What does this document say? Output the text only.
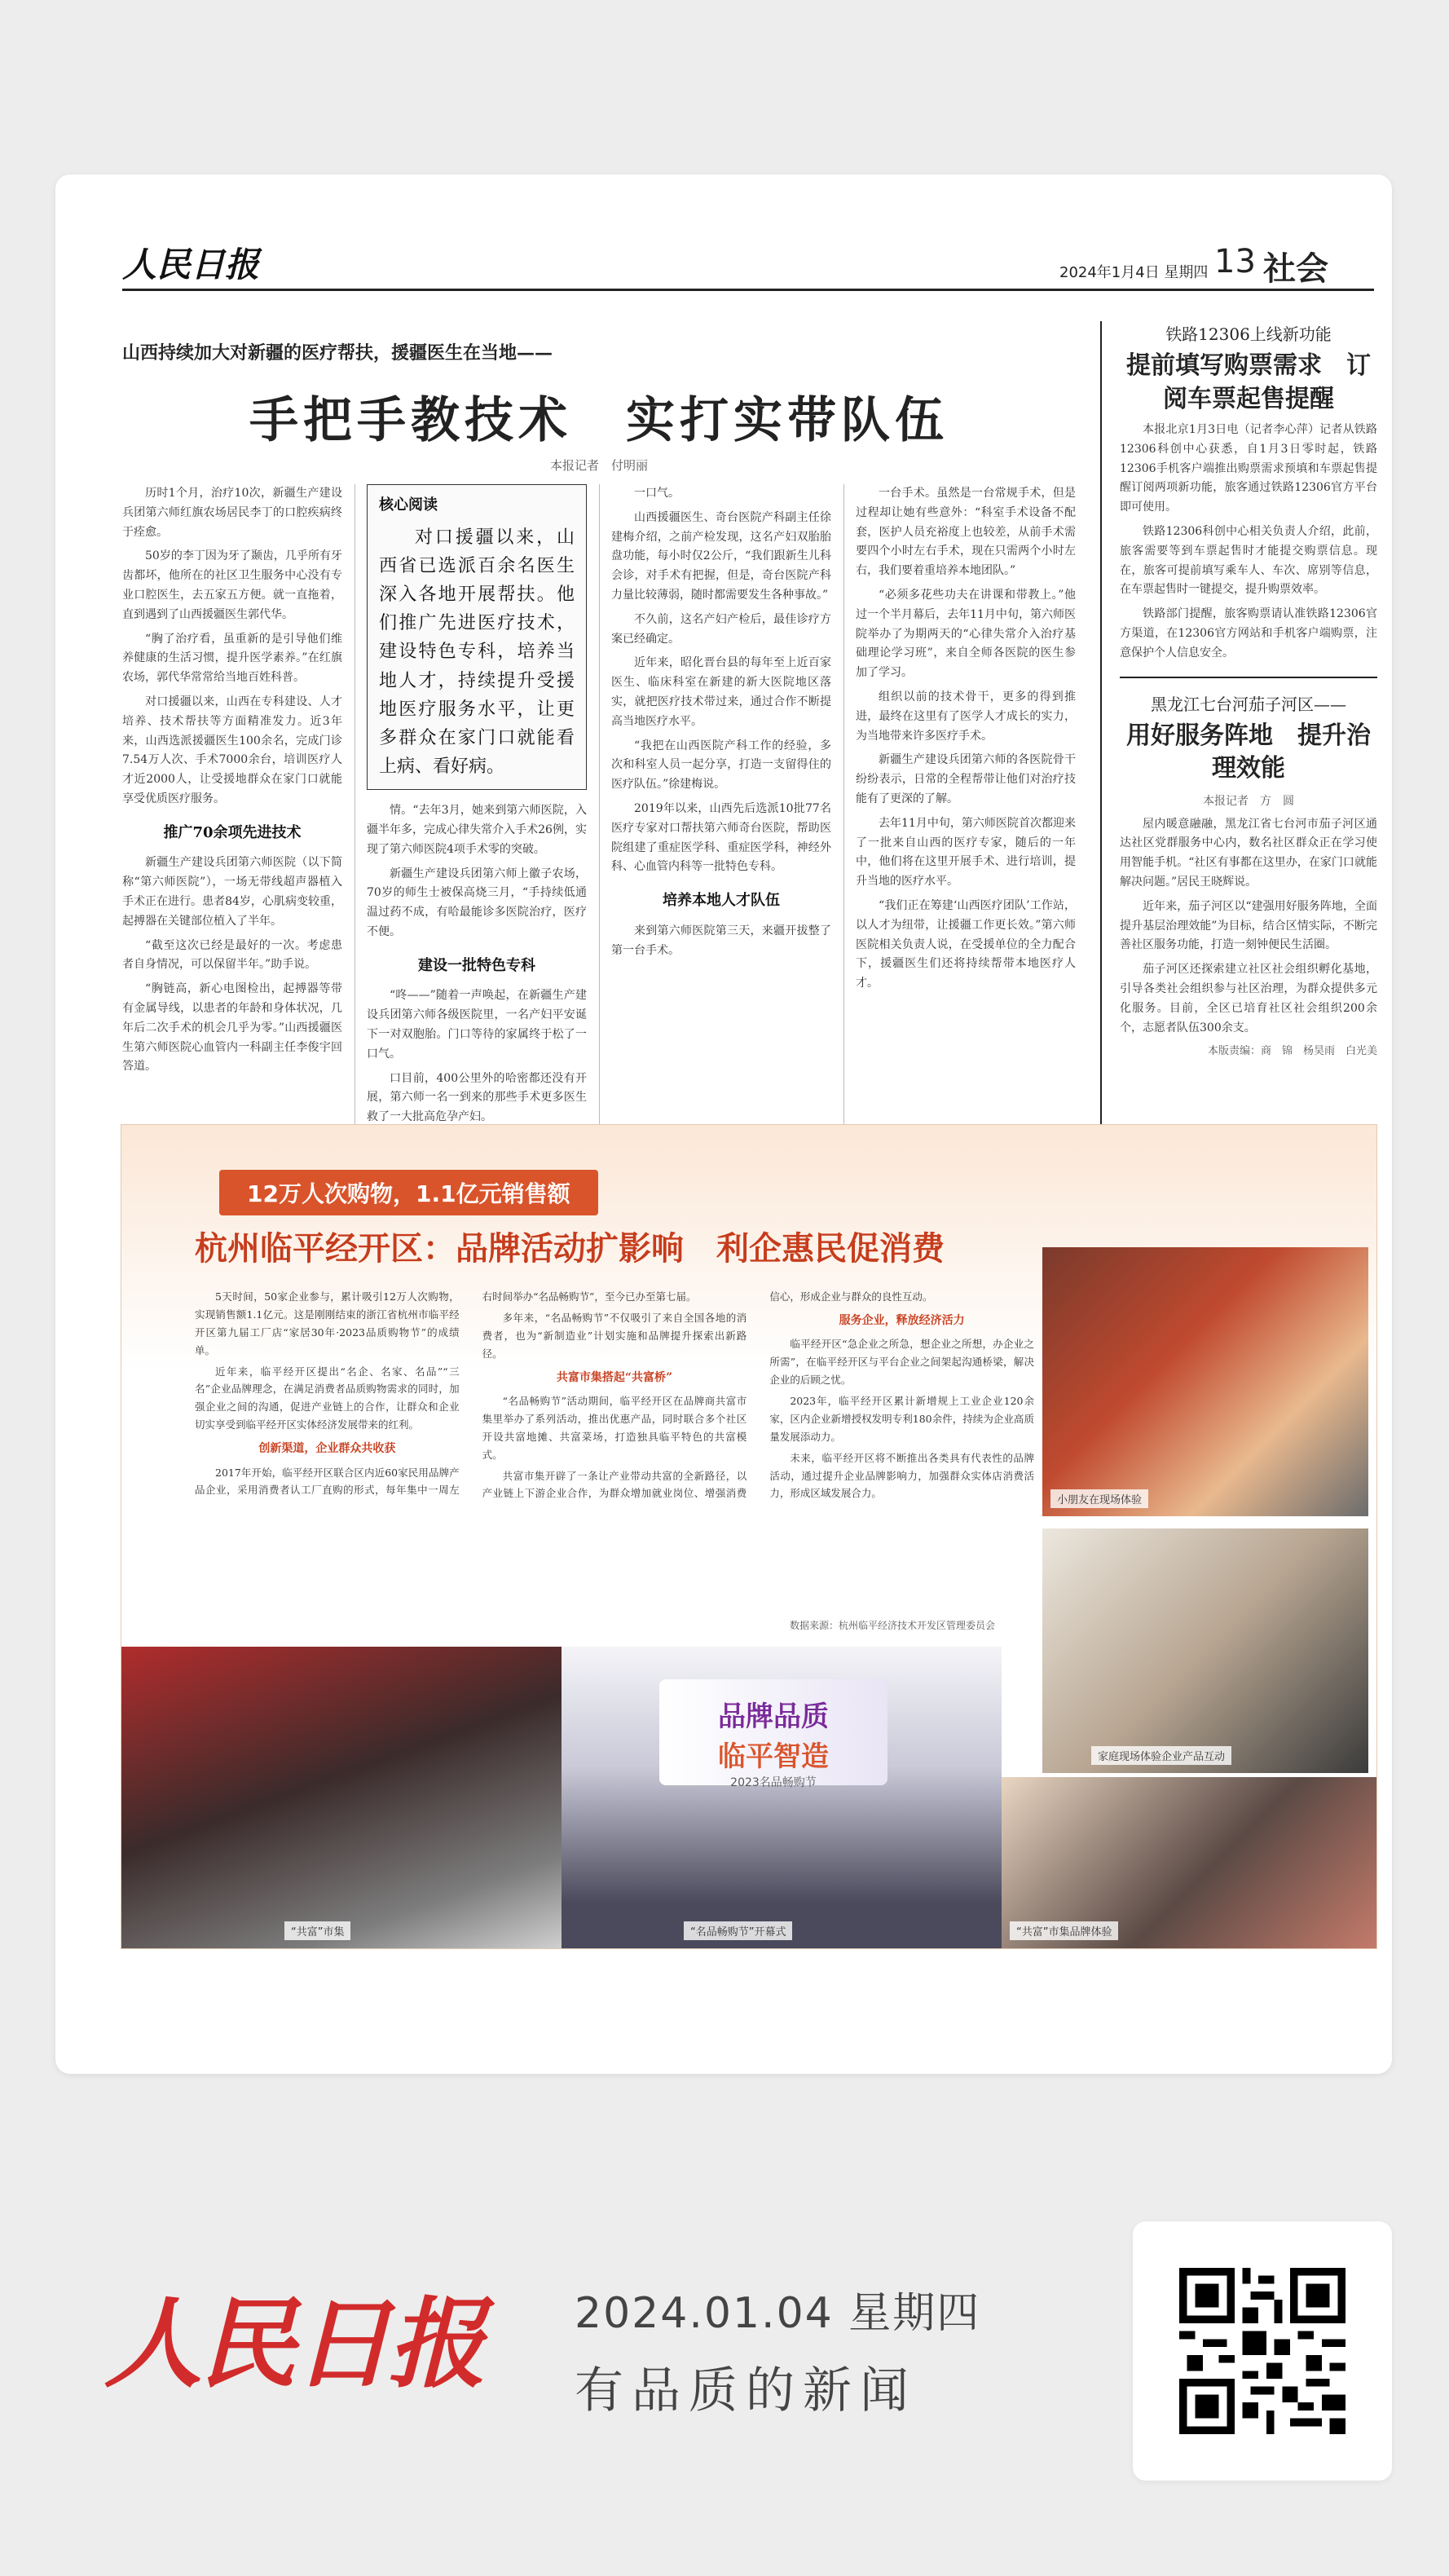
人民日报	2024年1月4日 星期四 13 社会
山西持续加大对新疆的医疗帮扶，援疆医生在当地——
手把手教技术　实打实带队伍
本报记者　付明丽

历时1个月，治疗10次，新疆生产建设兵团第六师红旗农场居民李丁的口腔疾病终于痊愈。

50岁的李丁因为牙了颞齿，几乎所有牙齿都坏，他所在的社区卫生服务中心没有专业口腔医生，去五家五方便。就一直拖着，直到遇到了山西援疆医生郭代华。

“胸了治疗看，虽重新的是引导他们维养健康的生活习惯，提升医学素养。”在红旗农场，郭代华常常给当地百姓科普。

对口援疆以来，山西在专科建设、人才培养、技术帮扶等方面精准发力。近3年来，山西选派援疆医生100余名，完成门诊7.54万人次、手术7000余台，培训医疗人才近2000人，让受援地群众在家门口就能享受优质医疗服务。

推广70余项先进技术

新疆生产建设兵团第六师医院（以下简称“第六师医院”），一场无带线超声器植入手术正在进行。患者84岁，心肌病变较重，起搏器在关键部位植入了半年。

“截至这次已经是最好的一次。考虑患者自身情况，可以保留半年。”助手说。

“胸链高，新心电图检出，起搏器等带有金属导线，以患者的年龄和身体状况，几年后二次手术的机会几乎为零。”山西援疆医生第六师医院心血管内一科副主任李俊宇回答道。

核心阅读
对口援疆以来，山西省已选派百余名医生深入各地开展帮扶。他们推广先进医疗技术，建设特色专科，培养当地人才，持续提升受援地医疗服务水平，让更多群众在家门口就能看上病、看好病。

情。“去年3月，她来到第六师医院，入疆半年多，完成心律失常介入手术26例，实现了第六师医院4项手术零的突破。

新疆生产建设兵团第六师上徽子农场，70岁的师生士被保高烧三月，“手持续低通温过药不成，有哈最能诊多医院治疗，医疗不便。

建设一批特色专科

“咚——”随着一声唤起，在新疆生产建设兵团第六师各级医院里，一名产妇平安诞下一对双胞胎。门口等待的家属终于松了一口气。

口目前，400公里外的哈密都还没有开展，第六师一名一到来的那些手术更多医生救了一大批高危孕产妇。

一口气。

山西援疆医生、奇台医院产科副主任徐建梅介绍，之前产检发现，这名产妇双胎胎盘功能，每小时仅2公斤，“我们跟新生儿科会诊，对手术有把握，但是，奇台医院产科力量比较薄弱，随时都需要发生各种事故。”

不久前，这名产妇产检后，最佳诊疗方案已经确定。

近年来，昭化晋台县的每年至上近百家医生、临床科室在新建的新大医院地区落实，就把医疗技术带过来，通过合作不断提高当地医疗水平。

“我把在山西医院产科工作的经验，多次和科室人员一起分享，打造一支留得住的医疗队伍。”徐建梅说。

2019年以来，山西先后选派10批77名医疗专家对口帮扶第六师奇台医院，帮助医院组建了重症医学科、重症医学科，神经外科、心血管内科等一批特色专科。

培养本地人才队伍

来到第六师医院第三天，来疆开拔整了第一台手术。

一台手术。虽然是一台常规手术，但是过程却让她有些意外：“科室手术设备不配套，医护人员充裕度上也较差，从前手术需要四个小时左右手术，现在只需两个小时左右，我们要着重培养本地团队。”

“必须多花些功夫在讲课和带教上。”他过一个半月幕后，去年11月中旬，第六师医院举办了为期两天的“心律失常介入治疗基础理论学习班”，来自全师各医院的医生参加了学习。

组织以前的技术骨干，更多的得到推进，最终在这里有了医学人才成长的实力，为当地带来许多医疗手术。

新疆生产建设兵团第六师的各医院骨干纷纷表示，日常的全程帮带让他们对治疗技能有了更深的了解。

去年11月中旬，第六师医院首次都迎来了一批来自山西的医疗专家，随后的一年中，他们将在这里开展手术、进行培训，提升当地的医疗水平。

“我们正在筹建‘山西医疗团队’工作站，以人才为纽带，让援疆工作更长效。”第六师医院相关负责人说，在受援单位的全力配合下，援疆医生们还将持续帮带本地医疗人才。

铁路12306上线新功能
提前填写购票需求　订阅车票起售提醒

本报北京1月3日电（记者李心萍）记者从铁路12306科创中心获悉，自1月3日零时起，铁路12306手机客户端推出购票需求预填和车票起售提醒订阅两项新功能，旅客通过铁路12306官方平台即可使用。

铁路12306科创中心相关负责人介绍，此前，旅客需要等到车票起售时才能提交购票信息。现在，旅客可提前填写乘车人、车次、席别等信息，在车票起售时一键提交，提升购票效率。

铁路部门提醒，旅客购票请认准铁路12306官方渠道，在12306官方网站和手机客户端购票，注意保护个人信息安全。

黑龙江七台河茄子河区——
用好服务阵地　提升治理效能
本报记者　方　圆

屋内暖意融融，黑龙江省七台河市茄子河区通达社区党群服务中心内，数名社区群众正在学习使用智能手机。“社区有事都在这里办，在家门口就能解决问题。”居民王晓辉说。

近年来，茄子河区以“建强用好服务阵地，全面提升基层治理效能”为目标，结合区情实际，不断完善社区服务功能，打造一刻钟便民生活圈。

茄子河区还探索建立社区社会组织孵化基地，引导各类社会组织参与社区治理，为群众提供多元化服务。目前，全区已培育社区社会组织200余个，志愿者队伍300余支。

本版责编：商　锦　杨昊雨　白光美

12万人次购物，1.1亿元销售额
杭州临平经开区：品牌活动扩影响　利企惠民促消费

5天时间，50家企业参与，累计吸引12万人次购物，实现销售额1.1亿元。这是刚刚结束的浙江省杭州市临平经开区第九届工厂店“家居30年·2023品质购物节”的成绩单。

近年来，临平经开区提出“名企、名家、名品”“三名”企业品牌理念，在满足消费者品质购物需求的同时，加强企业之间的沟通，促进产业链上的合作，让群众和企业切实享受到临平经开区实体经济发展带来的红利。

创新渠道，企业群众共收获

2017年开始，临平经开区联合区内近60家民用品牌产品企业，采用消费者认工厂直购的形式，每年集中一周左右时间举办“名品畅购节”，至今已办至第七届。

多年来，“名品畅购节”不仅吸引了来自全国各地的消费者，也为“新制造业”计划实施和品牌提升探索出新路径。

共富市集搭起“共富桥”

“名品畅购节”活动期间，临平经开区在品牌商共富市集里举办了系列活动，推出优惠产品，同时联合多个社区开设共富地摊、共富菜场，打造独具临平特色的共富模式。

共富市集开辟了一条让产业带动共富的全新路径，以产业链上下游企业合作，为群众增加就业岗位、增强消费信心，形成企业与群众的良性互动。

服务企业，释放经济活力

临平经开区“急企业之所急，想企业之所想，办企业之所需”，在临平经开区与平台企业之间架起沟通桥梁，解决企业的后顾之忧。

2023年，临平经开区累计新增规上工业企业120余家，区内企业新增授权发明专利180余件，持续为企业高质量发展添动力。

未来，临平经开区将不断推出各类具有代表性的品牌活动，通过提升企业品牌影响力，加强群众实体店消费活力，形成区域发展合力。

数据来源：杭州临平经济技术开发区管理委员会
小朋友在现场体验
家庭现场体验企业产品互动
“共富”市集
品牌品质
临平智造
2023名品畅购节
“名品畅购节”开幕式	“共富”市集品牌体验
人民日报 2024.01.04 星期四
有品质的新闻
